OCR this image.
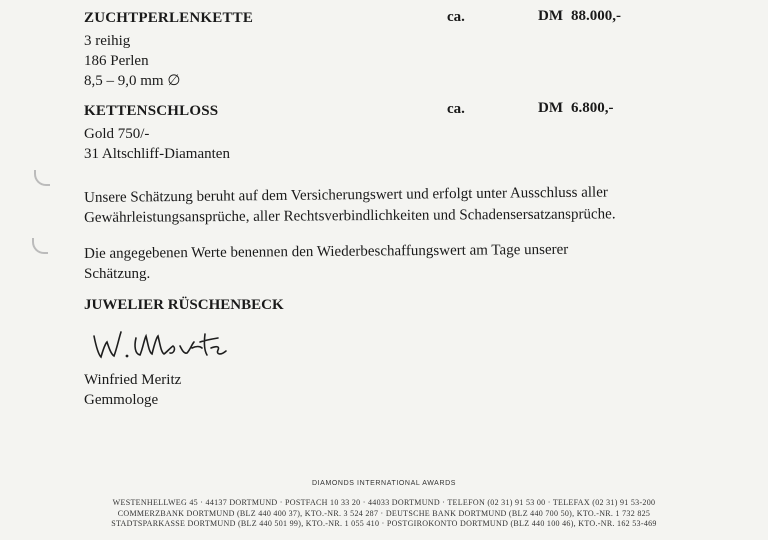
ZUCHTPERLENKETTE
3 reihig
186 Perlen
8,5 – 9,0 mm ∅
ca.	DM 88.000,-
KETTENSCHLOSS
Gold 750/-
31 Altschliff-Diamanten
ca.	DM 6.800,-
Unsere Schätzung beruht auf dem Versicherungswert und erfolgt unter Ausschluss aller
Gewährleistungsansprüche, aller Rechtsverbindlichkeiten und Schadensersatzansprüche.
Die angegebenen Werte benennen den Wiederbeschaffungswert am Tage unserer
Schätzung.
JUWELIER RÜSCHENBECK
Winfried Meritz
Gemmologe
DIAMONDS INTERNATIONAL AWARDS
WESTENHELLWEG 45 · 44137 DORTMUND · POSTFACH 10 33 20 · 44033 DORTMUND · TELEFON (02 31) 91 53 00 · TELEFAX (02 31) 91 53-200
COMMERZBANK DORTMUND (BLZ 440 400 37), KTO.-NR. 3 524 287 · DEUTSCHE BANK DORTMUND (BLZ 440 700 50), KTO.-NR. 1 732 825
STADTSPARKASSE DORTMUND (BLZ 440 501 99), KTO.-NR. 1 055 410 · POSTGIROKONTO DORTMUND (BLZ 440 100 46), KTO.-NR. 162 53-469
